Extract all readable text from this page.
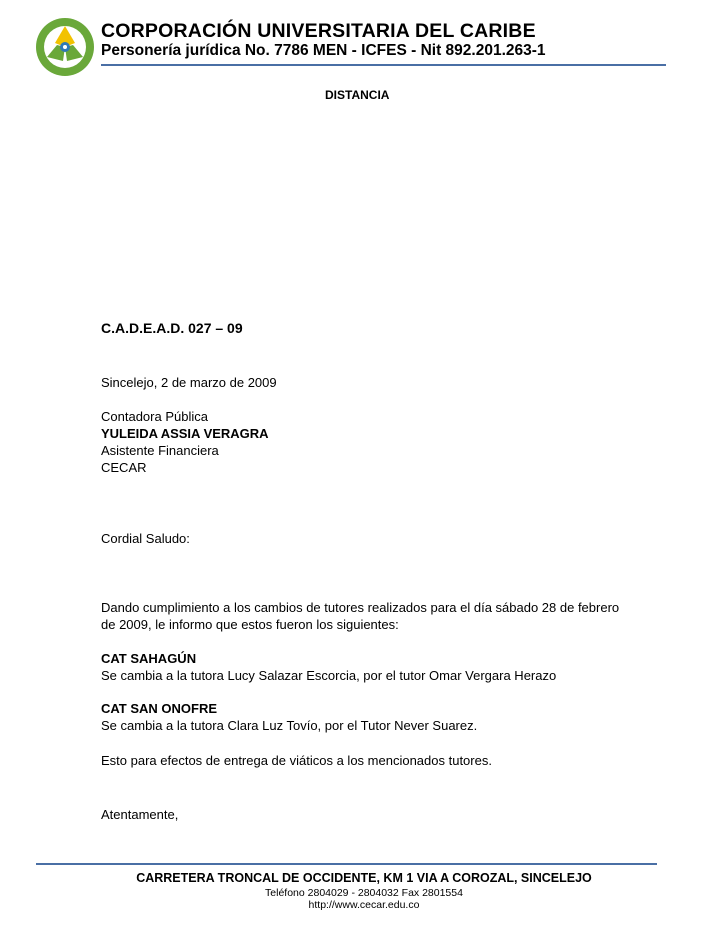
CORPORACIÓN UNIVERSITARIA DEL CARIBE
Personería jurídica No. 7786 MEN - ICFES - Nit 892.201.263-1
DISTANCIA
C.A.D.E.A.D. 027 – 09
Sincelejo, 2 de marzo de 2009
Contadora Pública
YULEIDA ASSIA VERAGRA
Asistente Financiera
CECAR
Cordial Saludo:
Dando cumplimiento a los cambios de tutores realizados para el día sábado 28 de febrero
de 2009, le informo que estos fueron los siguientes:
CAT SAHAGÚN
Se cambia a la tutora Lucy Salazar Escorcia, por el tutor Omar Vergara Herazo
CAT SAN ONOFRE
Se cambia a la tutora Clara Luz Tovío, por el Tutor Never Suarez.
Esto para efectos de entrega de viáticos a los mencionados tutores.
Atentamente,
CARRETERA TRONCAL DE OCCIDENTE, KM 1 VIA A COROZAL, SINCELEJO
Teléfono 2804029 - 2804032 Fax 2801554
http://www.cecar.edu.co
